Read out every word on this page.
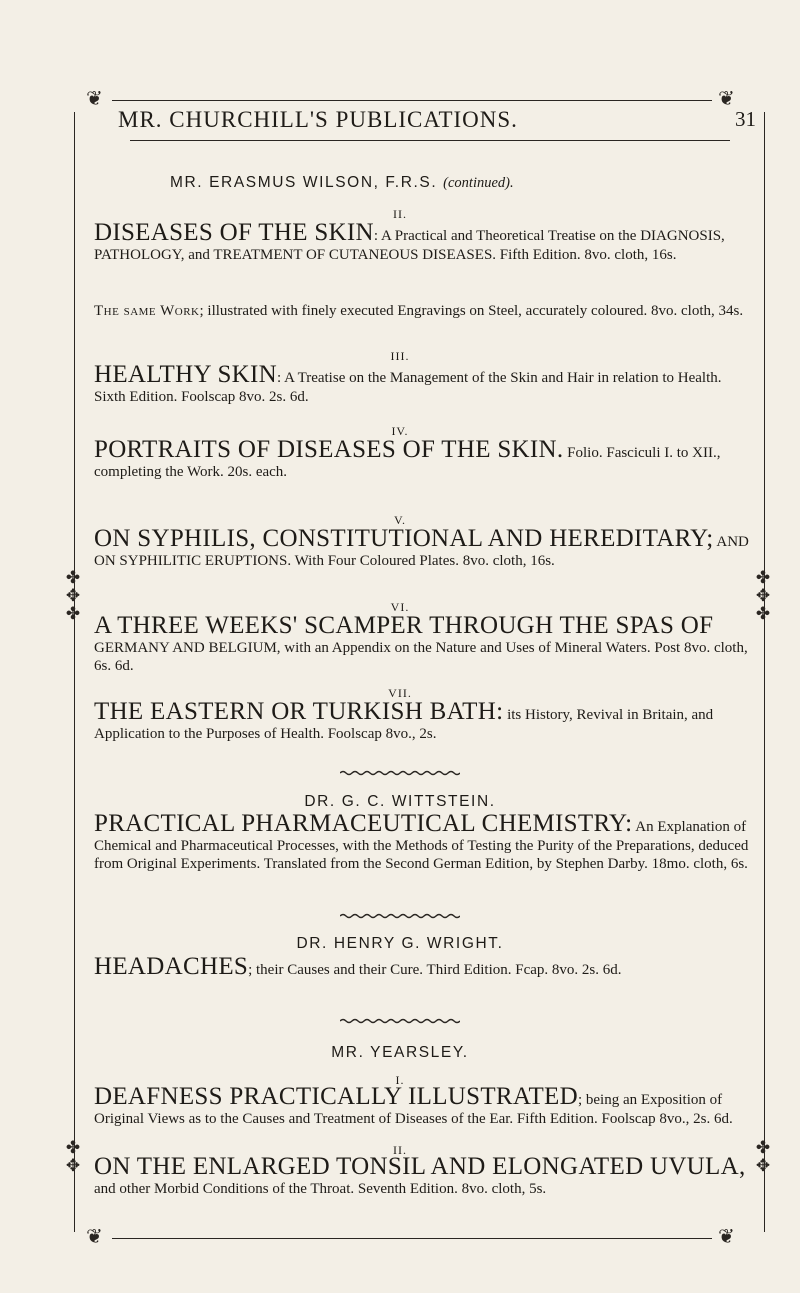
❦	❦
MR. CHURCHILL'S PUBLICATIONS.	31
✤
✥
✤
✤
✥
✤
✤
✥
✤
✥
MR. ERASMUS WILSON, F.R.S. (continued).
II.
DISEASES OF THE SKIN: A Practical and Theoretical Treatise on the DIAGNOSIS, PATHOLOGY, and TREATMENT OF CUTANEOUS DISEASES. Fifth Edition. 8vo. cloth, 16s.
The same Work; illustrated with finely executed Engravings on Steel, accurately coloured. 8vo. cloth, 34s.
III.
HEALTHY SKIN: A Treatise on the Management of the Skin and Hair in relation to Health. Sixth Edition. Foolscap 8vo. 2s. 6d.
IV.
PORTRAITS OF DISEASES OF THE SKIN. Folio. Fasciculi I. to XII., completing the Work. 20s. each.
V.
ON SYPHILIS, CONSTITUTIONAL AND HEREDITARY; AND ON SYPHILITIC ERUPTIONS. With Four Coloured Plates. 8vo. cloth, 16s.
VI.
A THREE WEEKS' SCAMPER THROUGH THE SPAS OF GERMANY AND BELGIUM, with an Appendix on the Nature and Uses of Mineral Waters. Post 8vo. cloth, 6s. 6d.
VII.
THE EASTERN OR TURKISH BATH: its History, Revival in Britain, and Application to the Purposes of Health. Foolscap 8vo., 2s.
DR. G. C. WITTSTEIN.
PRACTICAL PHARMACEUTICAL CHEMISTRY: An Explanation of Chemical and Pharmaceutical Processes, with the Methods of Testing the Purity of the Preparations, deduced from Original Experiments. Translated from the Second German Edition, by Stephen Darby. 18mo. cloth, 6s.
DR. HENRY G. WRIGHT.
HEADACHES; their Causes and their Cure. Third Edition. Fcap. 8vo. 2s. 6d.
MR. YEARSLEY.
I.
DEAFNESS PRACTICALLY ILLUSTRATED; being an Exposition of Original Views as to the Causes and Treatment of Diseases of the Ear. Fifth Edition. Foolscap 8vo., 2s. 6d.
II.
ON THE ENLARGED TONSIL AND ELONGATED UVULA, and other Morbid Conditions of the Throat. Seventh Edition. 8vo. cloth, 5s.
❦	❦
